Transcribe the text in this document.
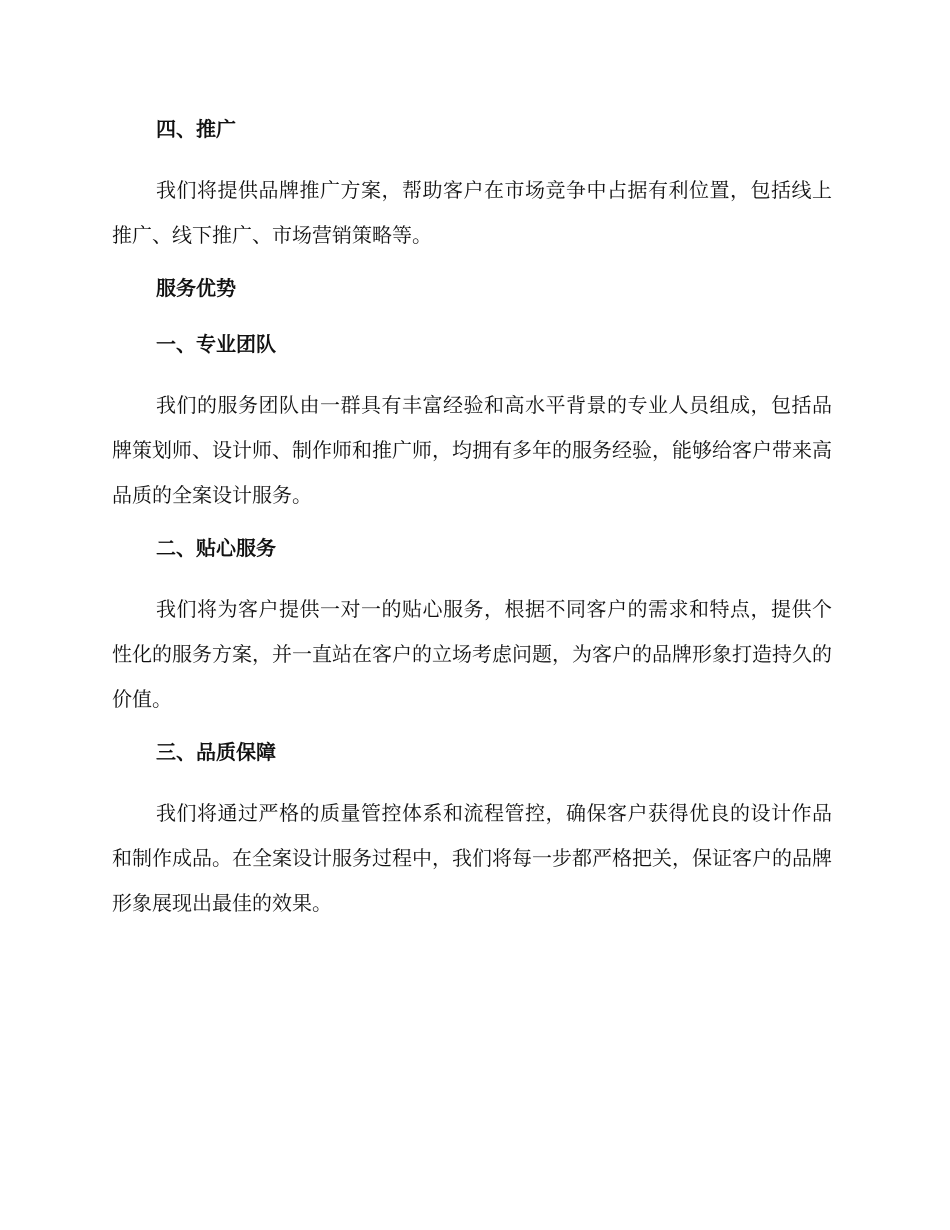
四、推广
我们将提供品牌推广方案，帮助客户在市场竞争中占据有利位置，包括线上推广、线下推广、市场营销策略等。
服务优势
一、专业团队
我们的服务团队由一群具有丰富经验和高水平背景的专业人员组成，包括品牌策划师、设计师、制作师和推广师，均拥有多年的服务经验，能够给客户带来高品质的全案设计服务。
二、贴心服务
我们将为客户提供一对一的贴心服务，根据不同客户的需求和特点，提供个性化的服务方案，并一直站在客户的立场考虑问题，为客户的品牌形象打造持久的价值。
三、品质保障
我们将通过严格的质量管控体系和流程管控，确保客户获得优良的设计作品和制作成品。在全案设计服务过程中，我们将每一步都严格把关，保证客户的品牌形象展现出最佳的效果。
